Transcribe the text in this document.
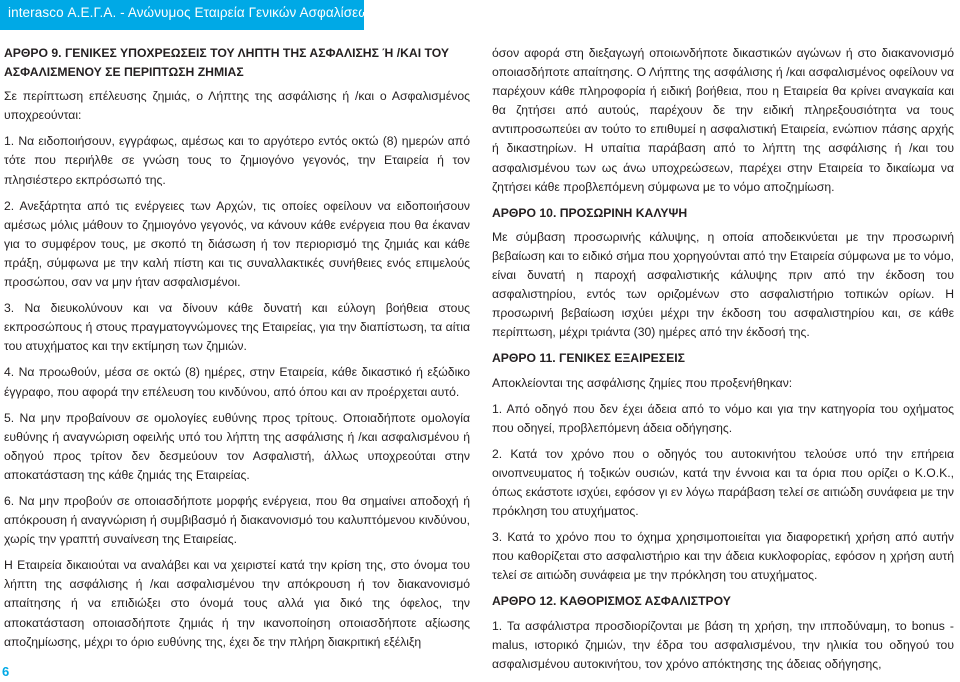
interasco Α.Ε.Γ.Α. - Ανώνυμος Εταιρεία Γενικών Ασφαλίσεων

ΑΡΘΡΟ 9. ΓΕΝΙΚΕΣ ΥΠΟΧΡΕΩΣΕΙΣ ΤΟΥ ΛΗΠΤΗ ΤΗΣ ΑΣΦΑΛΙΣΗΣ Ή /ΚΑΙ ΤΟΥ ΑΣΦΑΛΙΣΜΕΝΟΥ ΣΕ ΠΕΡΙΠΤΩΣΗ ΖΗΜΙΑΣ

Σε περίπτωση επέλευσης ζημιάς, ο Λήπτης της ασφάλισης ή /και ο Ασφαλισμένος υποχρεούνται:

1. Να ειδοποιήσουν, εγγράφως, αμέσως και το αργότερο εντός οκτώ (8) ημερών από τότε που περιήλθε σε γνώση τους το ζημιογόνο γεγονός, την Εταιρεία ή τον πλησιέστερο εκπρόσωπό της.

2. Ανεξάρτητα από τις ενέργειες των Αρχών, τις οποίες οφείλουν να ειδοποιήσουν αμέσως μόλις μάθουν το ζημιογόνο γεγονός, να κάνουν κάθε ενέργεια που θα έκαναν για το συμφέρον τους, με σκοπό τη διάσωση ή τον περιορισμό της ζημιάς και κάθε πράξη, σύμφωνα με την καλή πίστη και τις συναλλακτικές συνήθειες ενός επιμελούς προσώπου, σαν να μην ήταν ασφαλισμένοι.

3. Να διευκολύνουν και να δίνουν κάθε δυνατή και εύλογη βοήθεια στους εκπροσώπους ή στους πραγματογνώμονες της Εταιρείας, για την διαπίστωση, τα αίτια του ατυχήματος και την εκτίμηση των ζημιών.

4. Να προωθούν, μέσα σε οκτώ (8) ημέρες, στην Εταιρεία, κάθε δικαστικό ή εξώδικο έγγραφο, που αφορά την επέλευση του κινδύνου, από όπου και αν προέρχεται αυτό.

5. Να μην προβαίνουν σε ομολογίες ευθύνης προς τρίτους. Οποιαδήποτε ομολογία ευθύνης ή αναγνώριση οφειλής υπό του λήπτη της ασφάλισης ή /και ασφαλισμένου ή οδηγού προς τρίτον δεν δεσμεύουν τον Ασφαλιστή, άλλως υποχρεούται στην αποκατάσταση της κάθε ζημιάς της Εταιρείας.

6. Να μην προβούν σε οποιασδήποτε μορφής ενέργεια, που θα σημαίνει αποδοχή ή απόκρουση ή αναγνώριση ή συμβιβασμό ή διακανονισμό του καλυπτόμενου κινδύνου, χωρίς την γραπτή συναίνεση της Εταιρείας.

Η Εταιρεία δικαιούται να αναλάβει και να χειριστεί κατά την κρίση της, στο όνομα του λήπτη της ασφάλισης ή /και ασφαλισμένου την απόκρουση ή τον διακανονισμό απαίτησης ή να επιδιώξει στο όνομά τους αλλά για δικό της όφελος, την αποκατάσταση οποιασδήποτε ζημιάς ή την ικανοποίηση οποιασδήποτε αξίωσης αποζημίωσης, μέχρι το όριο ευθύνης της, έχει δε την πλήρη διακριτική εξέλιξη

όσον αφορά στη διεξαγωγή οποιωνδήποτε δικαστικών αγώνων ή στο διακανονισμό οποιασδήποτε απαίτησης. Ο Λήπτης της ασφάλισης ή /και ασφαλισμένος οφείλουν να παρέχουν κάθε πληροφορία ή ειδική βοήθεια, που η Εταιρεία θα κρίνει αναγκαία και θα ζητήσει από αυτούς, παρέχουν δε την ειδική πληρεξουσιότητα να τους αντιπροσωπεύει αν τούτο το επιθυμεί η ασφαλιστική Εταιρεία, ενώπιον πάσης αρχής ή δικαστηρίων. Η υπαίτια παράβαση από το λήπτη της ασφάλισης ή /και του ασφαλισμένου των ως άνω υποχρεώσεων, παρέχει στην Εταιρεία το δικαίωμα να ζητήσει κάθε προβλεπόμενη σύμφωνα με το νόμο αποζημίωση.

ΑΡΘΡΟ 10. ΠΡΟΣΩΡΙΝΗ ΚΑΛΥΨΗ

Με σύμβαση προσωρινής κάλυψης, η οποία αποδεικνύεται με την προσωρινή βεβαίωση και το ειδικό σήμα που χορηγούνται από την Εταιρεία σύμφωνα με το νόμο, είναι δυνατή η παροχή ασφαλιστικής κάλυψης πριν από την έκδοση του ασφαλιστηρίου, εντός των οριζομένων στο ασφαλιστήριο τοπικών ορίων. Η προσωρινή βεβαίωση ισχύει μέχρι την έκδοση του ασφαλιστηρίου και, σε κάθε περίπτωση, μέχρι τριάντα (30) ημέρες από την έκδοσή της.

ΑΡΘΡΟ 11. ΓΕΝΙΚΕΣ ΕΞΑΙΡΕΣΕΙΣ

Αποκλείονται της ασφάλισης ζημίες που προξενήθηκαν:

1. Από οδηγό που δεν έχει άδεια από το νόμο και για την κατηγορία του οχήματος που οδηγεί, προβλεπόμενη άδεια οδήγησης.

2. Κατά τον χρόνο που ο οδηγός του αυτοκινήτου τελούσε υπό την επήρεια οινοπνευματος ή τοξικών ουσιών, κατά την έννοια και τα όρια που ορίζει ο Κ.Ο.Κ., όπως εκάστοτε ισχύει, εφόσον γι εν λόγω παράβαση τελεί σε αιτιώδη συνάφεια με την πρόκληση του ατυχήματος.

3. Κατά το χρόνο που το όχημα χρησιμοποιείται για διαφορετική χρήση από αυτήν που καθορίζεται στο ασφαλιστήριο και την άδεια κυκλοφορίας, εφόσον η χρήση αυτή τελεί σε αιτιώδη συνάφεια με την πρόκληση του ατυχήματος.

ΑΡΘΡΟ 12. ΚΑΘΟΡΙΣΜΟΣ ΑΣΦΑΛΙΣΤΡΟΥ

1. Τα ασφάλιστρα προσδιορίζονται με βάση τη χρήση, την ιπποδύναμη, το bonus - malus, ιστορικό ζημιών, την έδρα του ασφαλισμένου, την ηλικία του οδηγού του ασφαλισμένου αυτοκινήτου, τον χρόνο απόκτησης της άδειας οδήγησης,

6
